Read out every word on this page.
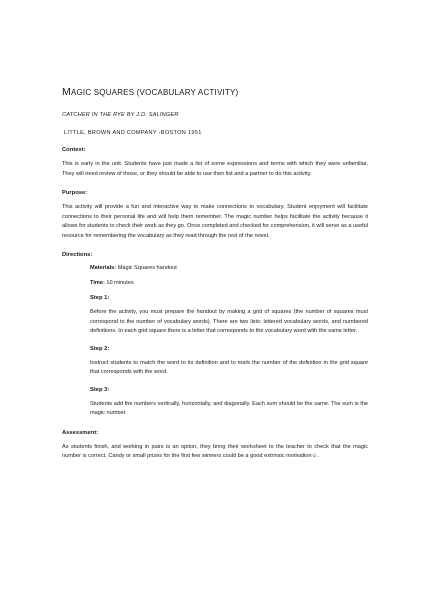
MAGIC SQUARES (VOCABULARY ACTIVITY)
CATCHER IN THE RYE BY J.D. SALINGER
LITTLE, BROWN AND COMPANY -BOSTON 1951
Context:

This is early in the unit. Students have just made a list of some expressions and terms with which they were unfamiliar. They will need review of those, or they should be able to use their list and a partner to do this activity.

Purpose:

This activity will provide a fun and interactive way to make connections to vocabulary. Student enjoyment will facilitate connections to their personal life and will help them remember. The magic number helps facilitate the activity because it allows for students to check their work as they go. Once completed and checked for comprehension, it will serve as a useful resource for remembering the vocabulary as they read through the rest of the novel.

Directions:
Materials: Magic Squares handout
Time: 10 minutes
Step 1:

Before the activity, you must prepare the handout by making a grid of squares (the number of squares must correspond to the number of vocabulary words). There are two lists: lettered vocabulary words, and numbered definitions. In each grid square there is a letter that corresponds to the vocabulary word with the same letter.

Step 2:

Instruct students to match the word to its definition and to mark the number of the definition in the grid square that corresponds with the word.

Step 3:

Students add the numbers vertically, horizontally, and diagonally. Each sum should be the same. The sum is the magic number.

Assessment:

As students finish, and working in pairs is an option, they bring their worksheet to the teacher to check that the magic number is correct. Candy or small prizes for the first few winners could be a good extrinsic motivation☺.
